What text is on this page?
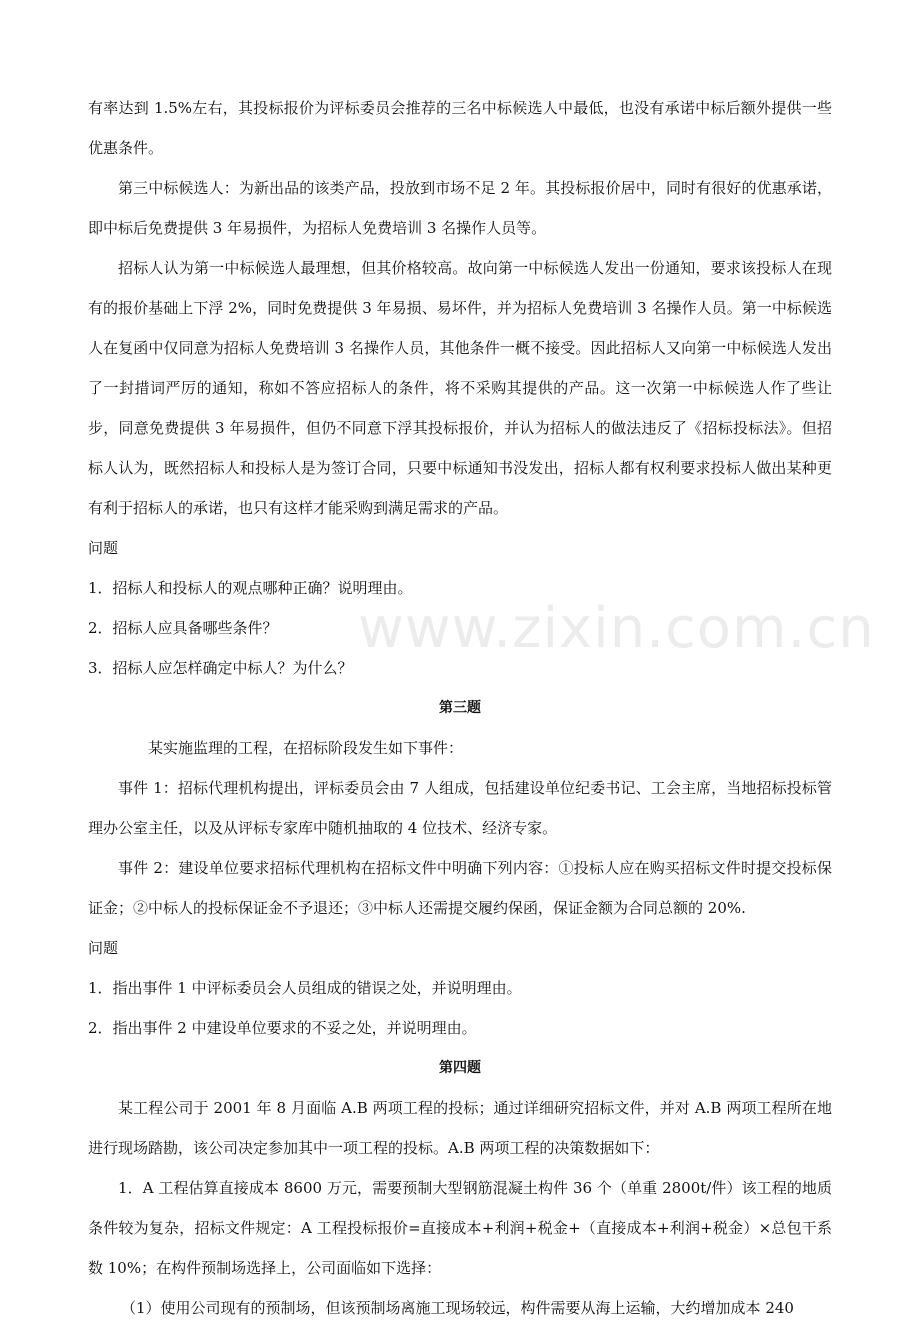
www.zixin.com.cn

有率达到 1.5%左右，其投标报价为评标委员会推荐的三名中标候选人中最低，也没有承诺中标后额外提供一些优惠条件。

第三中标候选人：为新出品的该类产品，投放到市场不足 2 年。其投标报价居中，同时有很好的优惠承诺，即中标后免费提供 3 年易损件，为招标人免费培训 3 名操作人员等。

招标人认为第一中标候选人最理想，但其价格较高。故向第一中标候选人发出一份通知，要求该投标人在现有的报价基础上下浮 2%，同时免费提供 3 年易损、易坏件，并为招标人免费培训 3 名操作人员。第一中标候选人在复函中仅同意为招标人免费培训 3 名操作人员，其他条件一概不接受。因此招标人又向第一中标候选人发出了一封措词严厉的通知，称如不答应招标人的条件，将不采购其提供的产品。这一次第一中标候选人作了些让步，同意免费提供 3 年易损件，但仍不同意下浮其投标报价，并认为招标人的做法违反了《招标投标法》。但招标人认为，既然招标人和投标人是为签订合同，只要中标通知书没发出，招标人都有权利要求投标人做出某种更有利于招标人的承诺，也只有这样才能采购到满足需求的产品。

问题

1．招标人和投标人的观点哪种正确？说明理由。

2．招标人应具备哪些条件？

3．招标人应怎样确定中标人？为什么？

第三题

某实施监理的工程，在招标阶段发生如下事件：

事件 1：招标代理机构提出，评标委员会由 7 人组成，包括建设单位纪委书记、工会主席，当地招标投标管理办公室主任，以及从评标专家库中随机抽取的 4 位技术、经济专家。

事件 2：建设单位要求招标代理机构在招标文件中明确下列内容：①投标人应在购买招标文件时提交投标保证金；②中标人的投标保证金不予退还；③中标人还需提交履约保函，保证金额为合同总额的 20%.

问题

1．指出事件 1 中评标委员会人员组成的错误之处，并说明理由。

2．指出事件 2 中建设单位要求的不妥之处，并说明理由。

第四题

某工程公司于 2001 年 8 月面临 A.B 两项工程的投标；通过详细研究招标文件，并对 A.B 两项工程所在地进行现场踏勘，该公司决定参加其中一项工程的投标。A.B 两项工程的决策数据如下：

1．A 工程估算直接成本 8600 万元，需要预制大型钢筋混凝土构件 36 个（单重 2800t/件）该工程的地质条件较为复杂，招标文件规定：A 工程投标报价=直接成本+利润+税金+（直接成本+利润+税金）×总包干系数 10%；在构件预制场选择上，公司面临如下选择：

（1）使用公司现有的预制场，但该预制场离施工现场较远，构件需要从海上运输，大约增加成本 240
